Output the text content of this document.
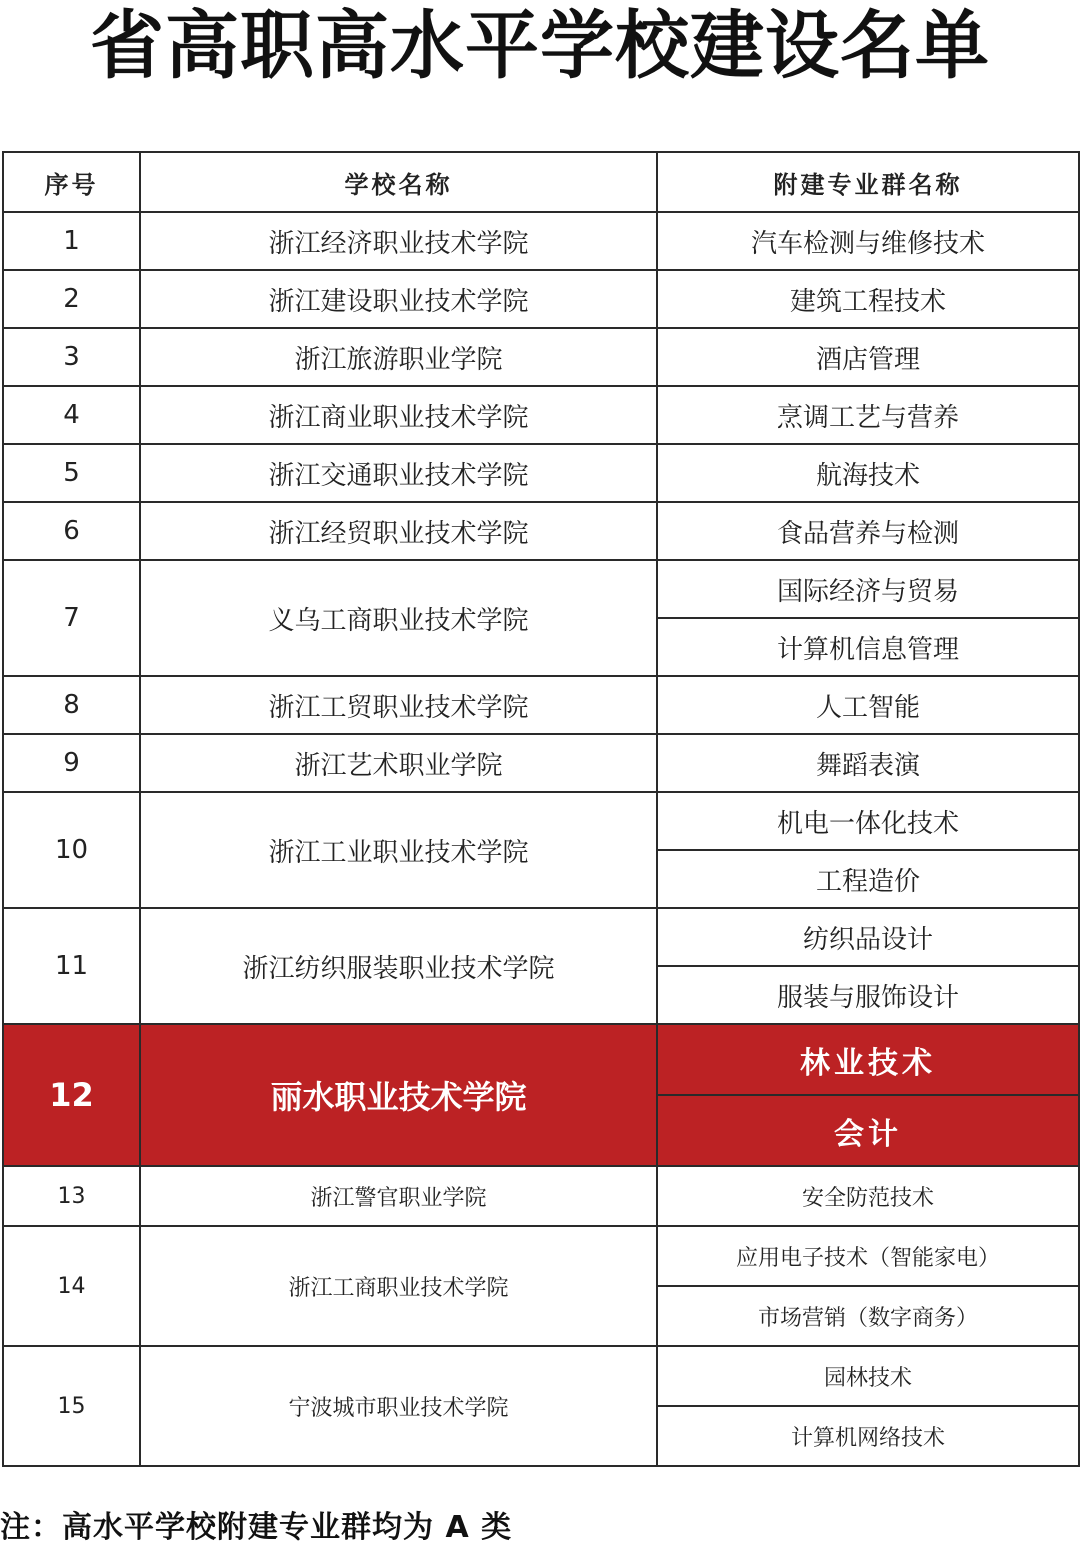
省高职高水平学校建设名单
序号	学校名称	附建专业群名称
1	浙江经济职业技术学院	汽车检测与维修技术
2	浙江建设职业技术学院	建筑工程技术
3	浙江旅游职业学院	酒店管理
4	浙江商业职业技术学院	烹调工艺与营养
5	浙江交通职业技术学院	航海技术
6	浙江经贸职业技术学院	食品营养与检测
7	义乌工商职业技术学院	国际经济与贸易
		计算机信息管理
8	浙江工贸职业技术学院	人工智能
9	浙江艺术职业学院	舞蹈表演
10	浙江工业职业技术学院	机电一体化技术
		工程造价
11	浙江纺织服装职业技术学院	纺织品设计
		服装与服饰设计
12	丽水职业技术学院	林业技术
		会计
13	浙江警官职业学院	安全防范技术
14	浙江工商职业技术学院	应用电子技术（智能家电）
		市场营销（数字商务）
15	宁波城市职业技术学院	园林技术
		计算机网络技术
注：高水平学校附建专业群均为 A 类
